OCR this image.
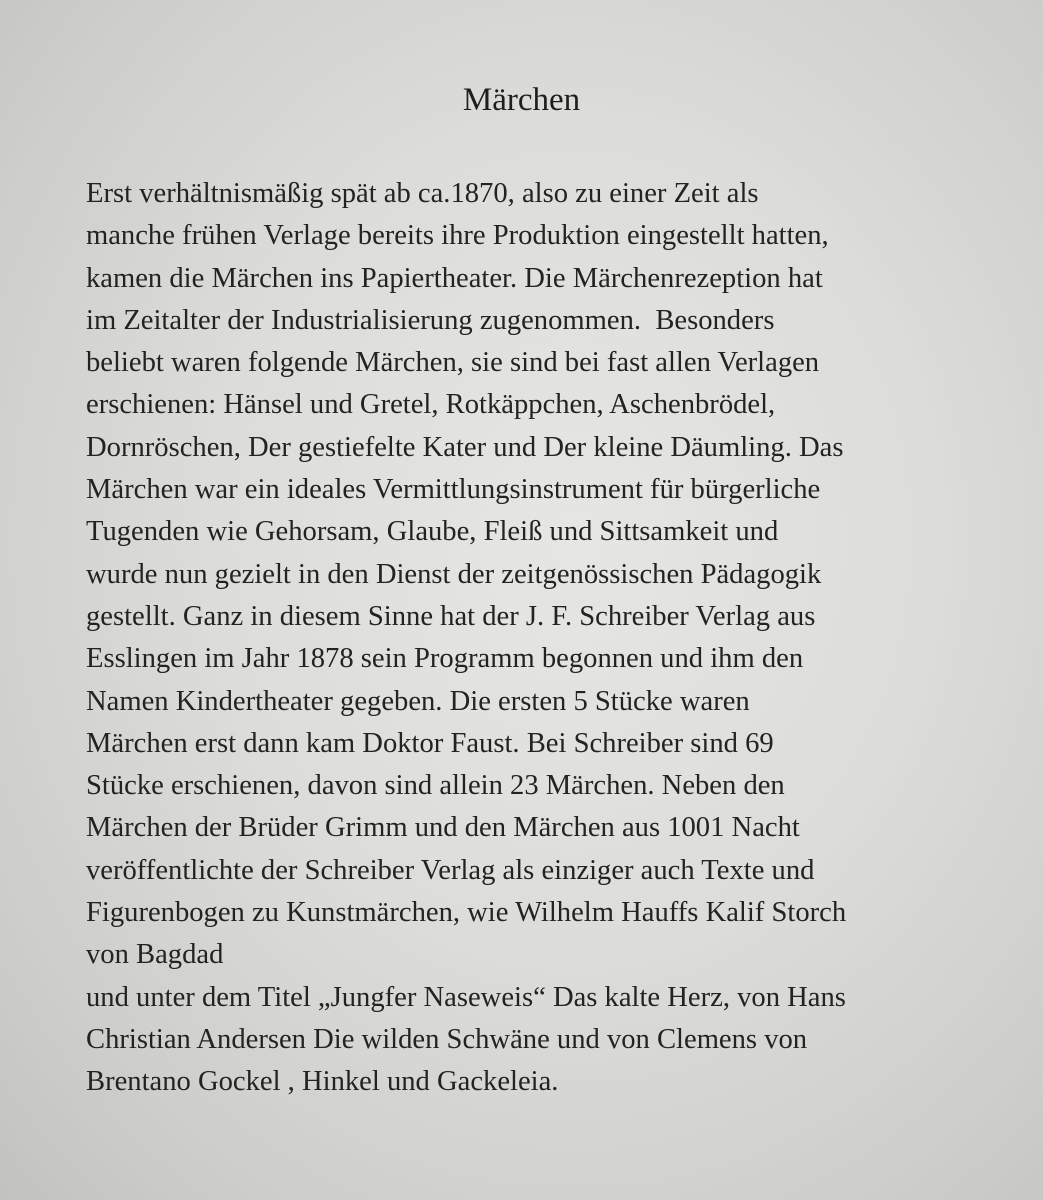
Märchen
Erst verhältnismäßig spät ab ca.1870, also zu einer Zeit als
manche frühen Verlage bereits ihre Produktion eingestellt hatten,
kamen die Märchen ins Papiertheater. Die Märchenrezeption hat
im Zeitalter der Industrialisierung zugenommen.  Besonders
beliebt waren folgende Märchen, sie sind bei fast allen Verlagen
erschienen: Hänsel und Gretel, Rotkäppchen, Aschenbrödel,
Dornröschen, Der gestiefelte Kater und Der kleine Däumling. Das
Märchen war ein ideales Vermittlungsinstrument für bürgerliche
Tugenden wie Gehorsam, Glaube, Fleiß und Sittsamkeit und
wurde nun gezielt in den Dienst der zeitgenössischen Pädagogik
gestellt. Ganz in diesem Sinne hat der J. F. Schreiber Verlag aus
Esslingen im Jahr 1878 sein Programm begonnen und ihm den
Namen Kindertheater gegeben. Die ersten 5 Stücke waren
Märchen erst dann kam Doktor Faust. Bei Schreiber sind 69
Stücke erschienen, davon sind allein 23 Märchen. Neben den
Märchen der Brüder Grimm und den Märchen aus 1001 Nacht
veröffentlichte der Schreiber Verlag als einziger auch Texte und
Figurenbogen zu Kunstmärchen, wie Wilhelm Hauffs Kalif Storch
von Bagdad
und unter dem Titel „Jungfer Naseweis“ Das kalte Herz, von Hans
Christian Andersen Die wilden Schwäne und von Clemens von
Brentano Gockel , Hinkel und Gackeleia.
